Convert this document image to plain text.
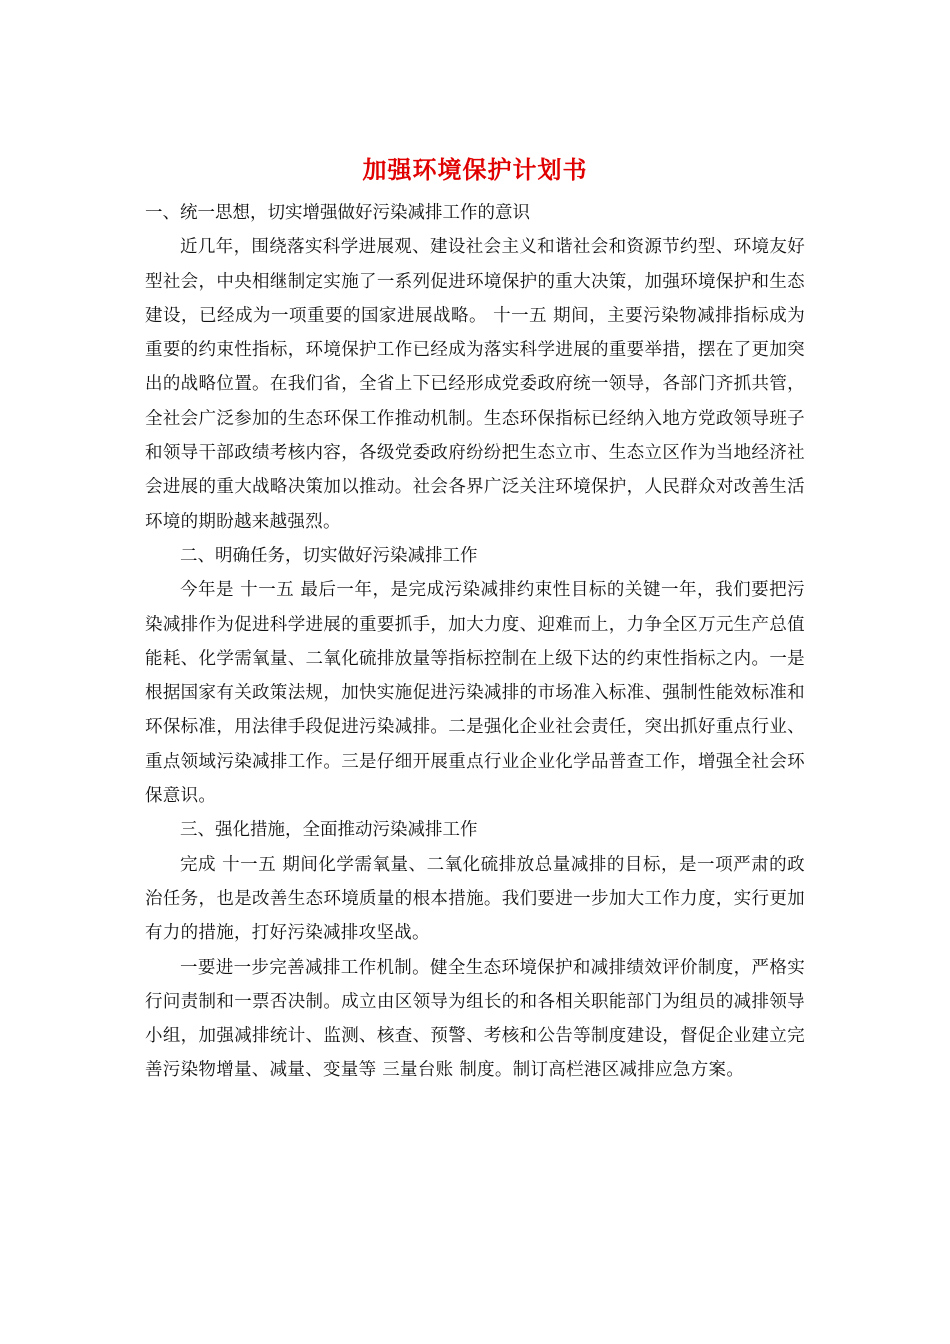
加强环境保护计划书

一、统一思想，切实增强做好污染减排工作的意识

近几年，围绕落实科学进展观、建设社会主义和谐社会和资源节约型、环境友好型社会，中央相继制定实施了一系列促进环境保护的重大决策，加强环境保护和生态建设，已经成为一项重要的国家进展战略。 十一五 期间，主要污染物减排指标成为重要的约束性指标，环境保护工作已经成为落实科学进展的重要举措，摆在了更加突出的战略位置。在我们省，全省上下已经形成党委政府统一领导，各部门齐抓共管，全社会广泛参加的生态环保工作推动机制。生态环保指标已经纳入地方党政领导班子和领导干部政绩考核内容，各级党委政府纷纷把生态立市、生态立区作为当地经济社会进展的重大战略决策加以推动。社会各界广泛关注环境保护，人民群众对改善生活环境的期盼越来越强烈。

二、明确任务，切实做好污染减排工作

今年是 十一五 最后一年，是完成污染减排约束性目标的关键一年，我们要把污染减排作为促进科学进展的重要抓手，加大力度、迎难而上，力争全区万元生产总值能耗、化学需氧量、二氧化硫排放量等指标控制在上级下达的约束性指标之内。一是根据国家有关政策法规，加快实施促进污染减排的市场准入标准、强制性能效标准和环保标准，用法律手段促进污染减排。二是强化企业社会责任，突出抓好重点行业、重点领域污染减排工作。三是仔细开展重点行业企业化学品普查工作，增强全社会环保意识。

三、强化措施，全面推动污染减排工作

完成 十一五 期间化学需氧量、二氧化硫排放总量减排的目标，是一项严肃的政治任务，也是改善生态环境质量的根本措施。我们要进一步加大工作力度，实行更加有力的措施，打好污染减排攻坚战。

一要进一步完善减排工作机制。健全生态环境保护和减排绩效评价制度，严格实行问责制和一票否决制。成立由区领导为组长的和各相关职能部门为组员的减排领导小组，加强减排统计、监测、核查、预警、考核和公告等制度建设，督促企业建立完善污染物增量、减量、变量等 三量台账 制度。制订高栏港区减排应急方案。
